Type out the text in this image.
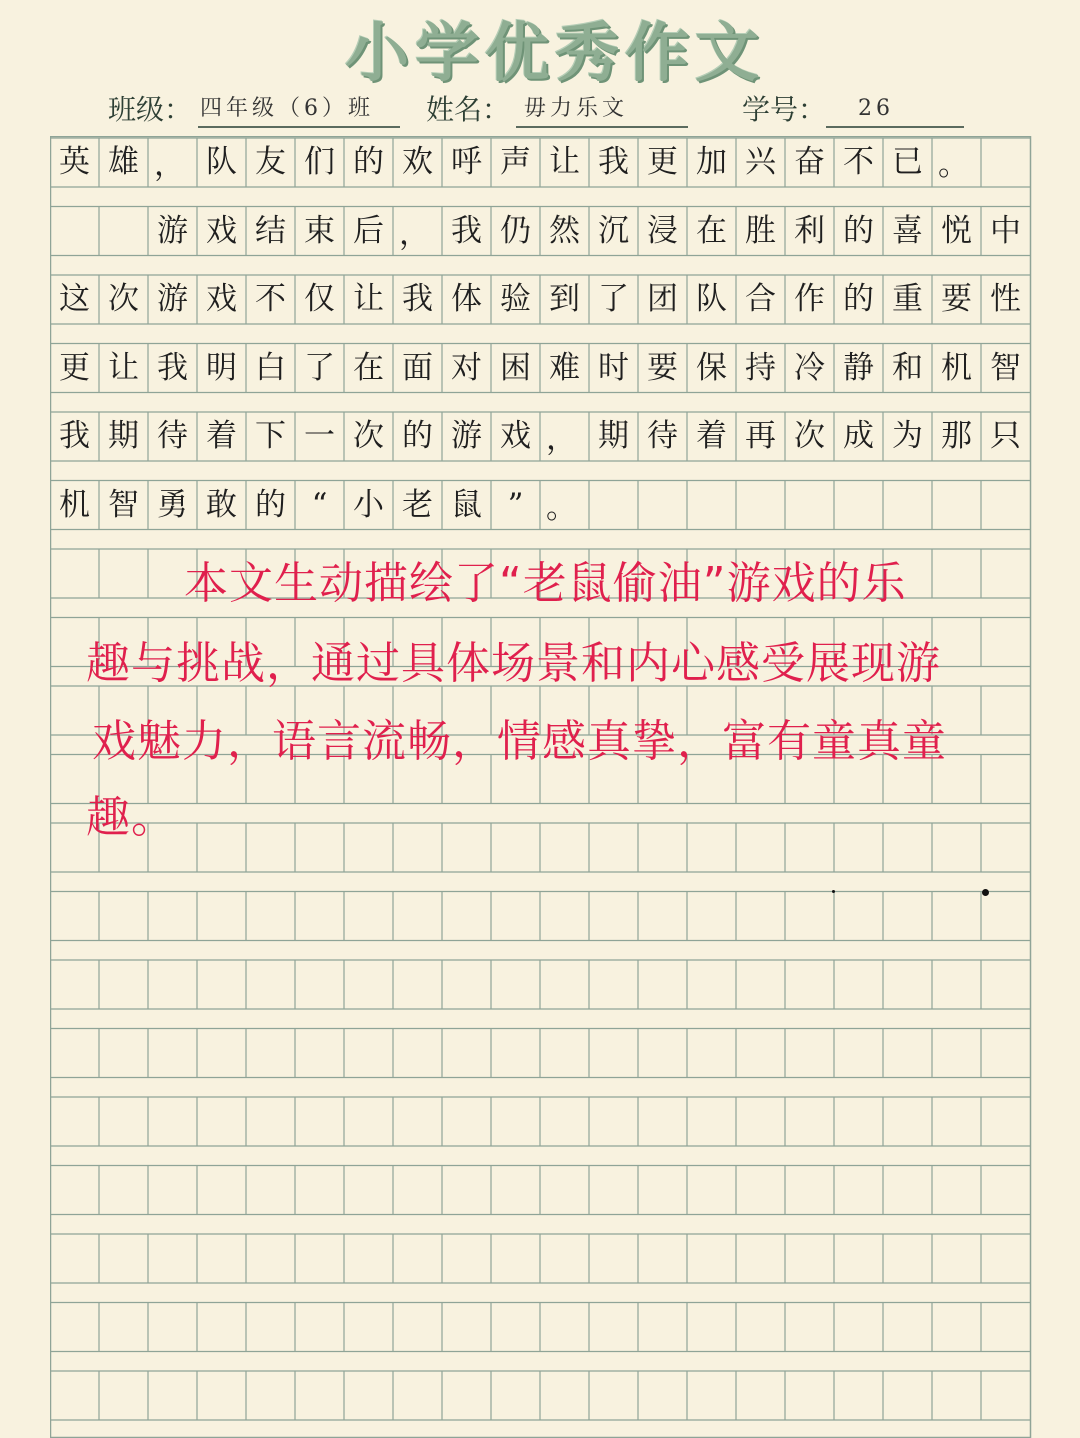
小学优秀作文
班级： 四年级（6）班 姓名： 毋力乐文	学号： 26
英 雄 ， 队 友 们 的 欢 呼 声 让 我 更 加 兴 奋 不 已 。
游 戏 结 束 后 ， 我 仍 然 沉 浸 在 胜 利 的 喜 悦 中
这 次 游 戏 不 仅 让 我 体 验 到 了 团 队 合 作 的 重 要 性
更 让 我 明 白 了 在 面 对 困 难 时 要 保 持 冷 静 和 机 智
我 期 待 着 下 一 次 的 游 戏 ， 期 待 着 再 次 成 为 那 只
机 智 勇 敢 的 “ 小 老 鼠 ” 。
本文生动描绘了“老鼠偷油”游戏的乐
趣与挑战，通过具体场景和内心感受展现游
戏魅力，语言流畅，情感真挚，富有童真童
趣。
